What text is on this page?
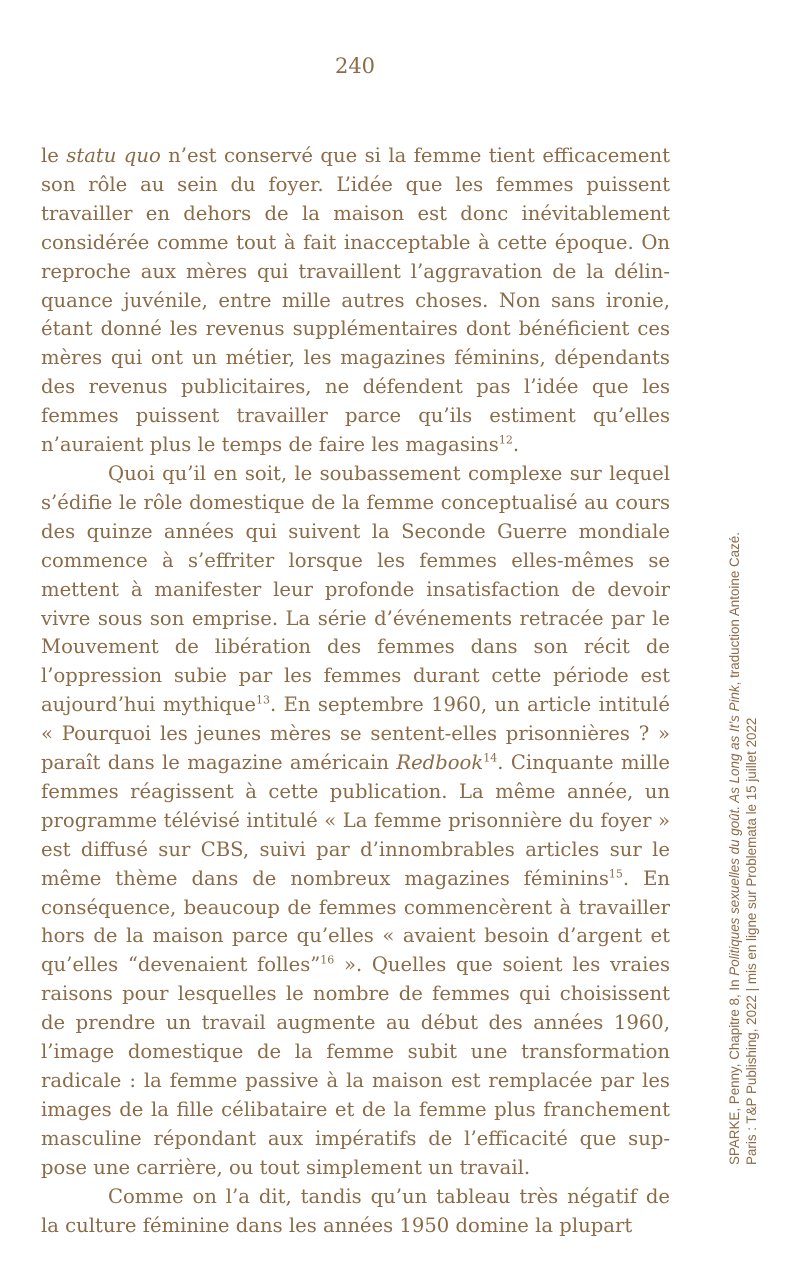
240

le statu quo n’est conservé que si la femme tient efficacement son rôle au sein du foyer. L’idée que les femmes puissent travailler en dehors de la maison est donc inévitablement considérée comme tout à fait inacceptable à cette époque. On reproche aux mères qui travaillent l’aggravation de la délinquance juvénile, entre mille autres choses. Non sans ironie, étant donné les revenus supplémentaires dont bénéficient ces mères qui ont un métier, les magazines féminins, dépendants des revenus publicitaires, ne défendent pas l’idée que les femmes puissent travailler parce qu’ils estiment qu’elles n’auraient plus le temps de faire les magasins$^{12}$.

Quoi qu’il en soit, le soubassement complexe sur lequel s’édifie le rôle domestique de la femme conceptualisé au cours des quinze années qui suivent la Seconde Guerre mondiale commence à s’effriter lorsque les femmes elles-mêmes se mettent à manifester leur profonde insatisfaction de devoir vivre sous son emprise. La série d’événements retracée par le Mouvement de libération des femmes dans son récit de l’oppression subie par les femmes durant cette période est aujourd’hui mythique$^{13}$. En septembre 1960, un article intitulé « Pourquoi les jeunes mères se sentent-elles prisonnières ? » paraît dans le magazine américain Redbook$^{14}$. Cinquante mille femmes réagissent à cette publication. La même année, un programme télévisé intitulé « La femme prisonnière du foyer » est diffusé sur CBS, suivi par d’innombrables articles sur le même thème dans de nombreux magazines féminins$^{15}$. En conséquence, beaucoup de femmes commencèrent à travailler hors de la maison parce qu’elles « avaient besoin d’argent et qu’elles “devenaient folles”$^{16}$ ». Quelles que soient les vraies raisons pour lesquelles le nombre de femmes qui choisissent de prendre un travail augmente au début des années 1960, l’image domestique de la femme subit une transformation radicale : la femme passive à la maison est remplacée par les images de la fille célibataire et de la femme plus franchement masculine répondant aux impératifs de l’efficacité que suppose une carrière, ou tout simplement un travail.

Comme on l’a dit, tandis qu’un tableau très négatif de la culture féminine dans les années 1950 domine la plupart

SPARKE, Penny, Chapitre 8, In Politiques sexuelles du goût. As Long as It’s Pink, traduction Antoine Cazé.
Paris : T&P Publishing, 2022 | mis en ligne sur Problemata le 15 juillet 2022
